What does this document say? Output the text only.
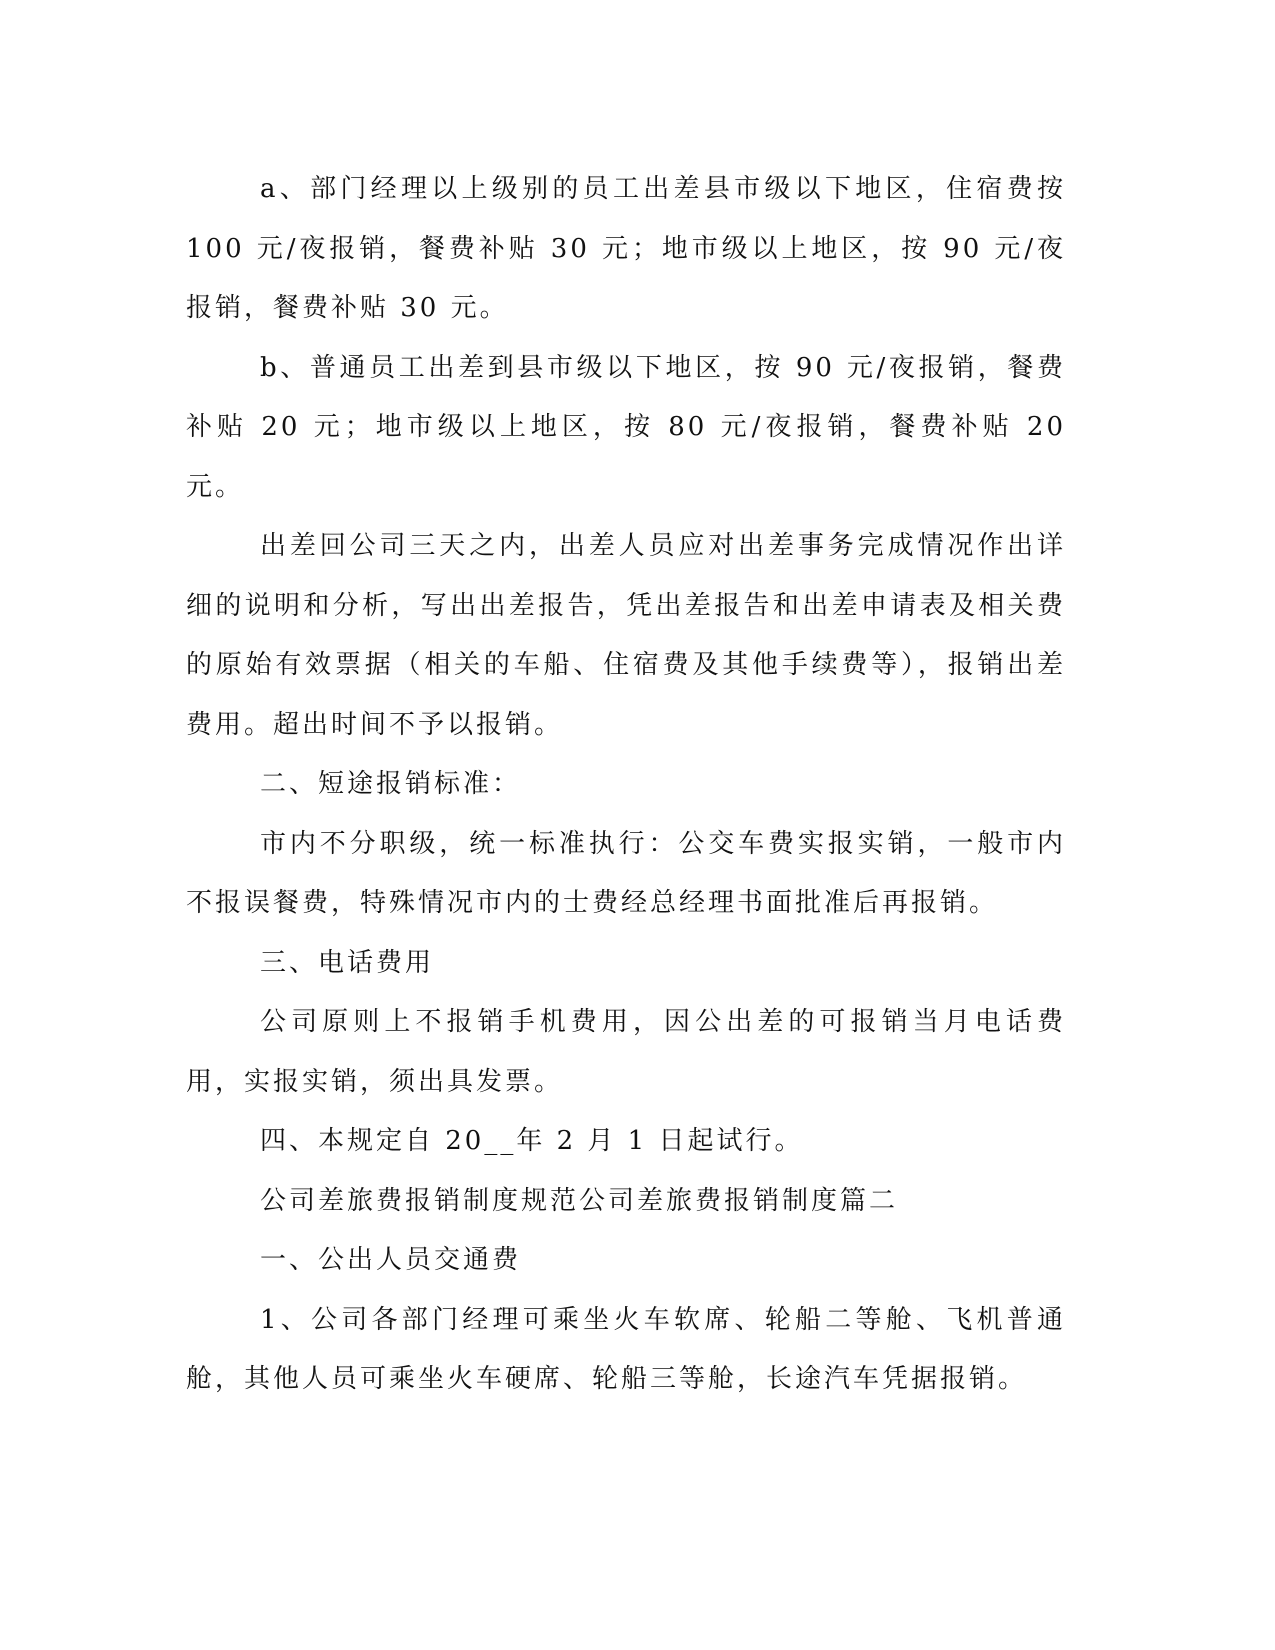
a、部门经理以上级别的员工出差县市级以下地区，住宿费按 100 元/夜报销，餐费补贴 30 元；地市级以上地区，按 90 元/夜报销，餐费补贴 30 元。

b、普通员工出差到县市级以下地区，按 90 元/夜报销，餐费补贴 20 元；地市级以上地区，按 80 元/夜报销，餐费补贴 20 元。

出差回公司三天之内，出差人员应对出差事务完成情况作出详细的说明和分析，写出出差报告，凭出差报告和出差申请表及相关费的原始有效票据（相关的车船、住宿费及其他手续费等），报销出差费用。超出时间不予以报销。

二、短途报销标准：

市内不分职级，统一标准执行：公交车费实报实销，一般市内不报误餐费，特殊情况市内的士费经总经理书面批准后再报销。

三、电话费用

公司原则上不报销手机费用，因公出差的可报销当月电话费用，实报实销，须出具发票。

四、本规定自 20__年 2 月 1 日起试行。

公司差旅费报销制度规范公司差旅费报销制度篇二

一、公出人员交通费

1、公司各部门经理可乘坐火车软席、轮船二等舱、飞机普通舱，其他人员可乘坐火车硬席、轮船三等舱，长途汽车凭据报销。
